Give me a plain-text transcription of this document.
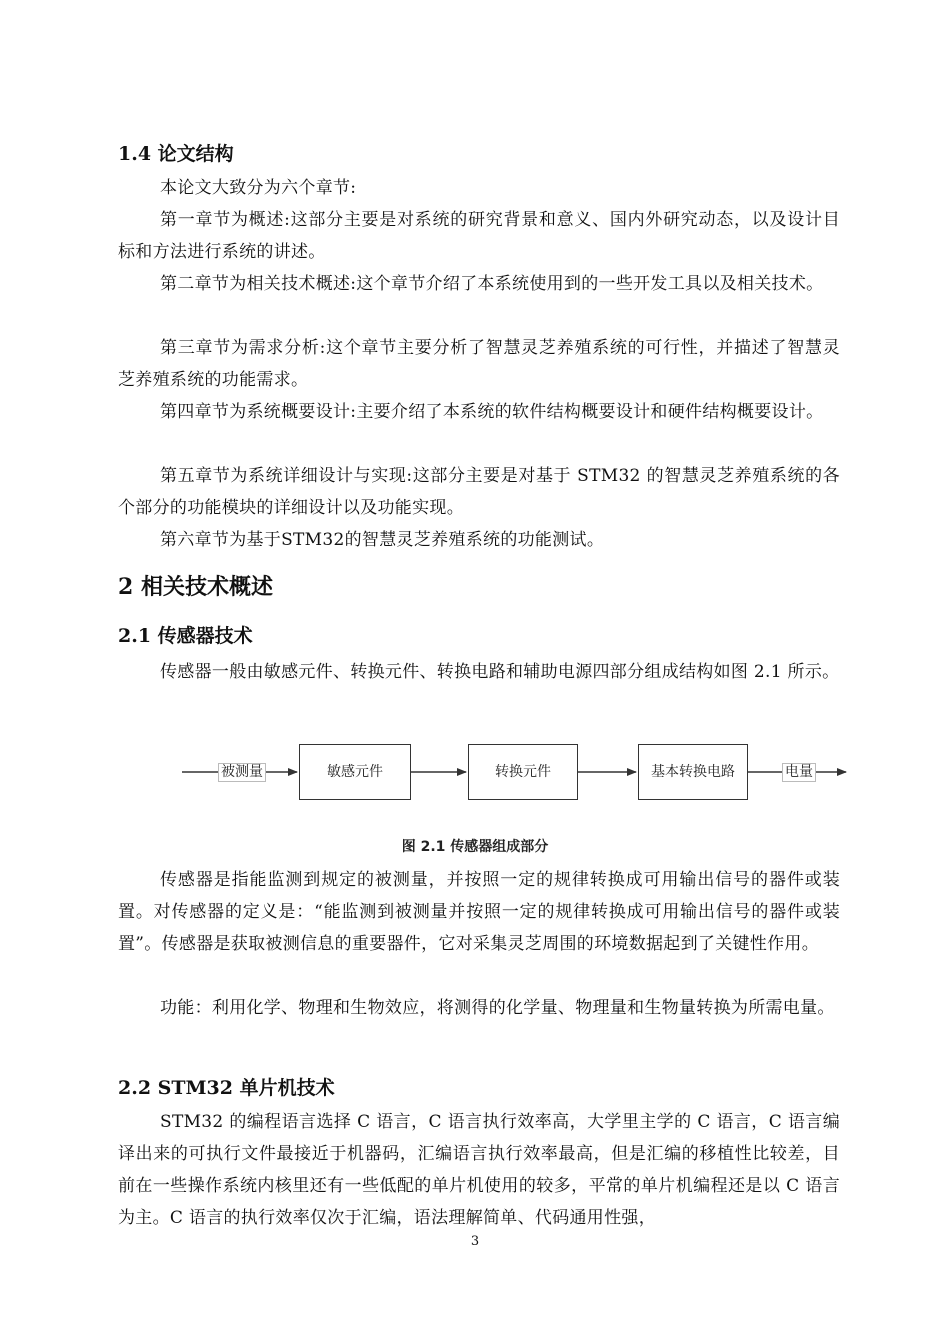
1.4 论文结构
本论文大致分为六个章节:
第一章节为概述:这部分主要是对系统的研究背景和意义、国内外研究动态，以及设计目标和方法进行系统的讲述。
第二章节为相关技术概述:这个章节介绍了本系统使用到的一些开发工具以及相关技术。
第三章节为需求分析:这个章节主要分析了智慧灵芝养殖系统的可行性，并描述了智慧灵芝养殖系统的功能需求。
第四章节为系统概要设计:主要介绍了本系统的软件结构概要设计和硬件结构概要设计。
第五章节为系统详细设计与实现:这部分主要是对基于 STM32 的智慧灵芝养殖系统的各个部分的功能模块的详细设计以及功能实现。
第六章节为基于STM32的智慧灵芝养殖系统的功能测试。
2 相关技术概述
2.1 传感器技术
传感器一般由敏感元件、转换元件、转换电路和辅助电源四部分组成结构如图 2.1 所示。
被测量	敏感元件	转换元件	基本转换电路	电量
图 2.1 传感器组成部分
传感器是指能监测到规定的被测量，并按照一定的规律转换成可用输出信号的器件或装置。对传感器的定义是：“能监测到被测量并按照一定的规律转换成可用输出信号的器件或装置”。传感器是获取被测信息的重要器件，它对采集灵芝周围的环境数据起到了关键性作用。
功能：利用化学、物理和生物效应，将测得的化学量、物理量和生物量转换为所需电量。
2.2 STM32 单片机技术
STM32 的编程语言选择 C 语言，C 语言执行效率高，大学里主学的 C 语言，C 语言编译出来的可执行文件最接近于机器码，汇编语言执行效率最高，但是汇编的移植性比较差，目前在一些操作系统内核里还有一些低配的单片机使用的较多，平常的单片机编程还是以 C 语言为主。C 语言的执行效率仅次于汇编，语法理解简单、代码通用性强，
3
